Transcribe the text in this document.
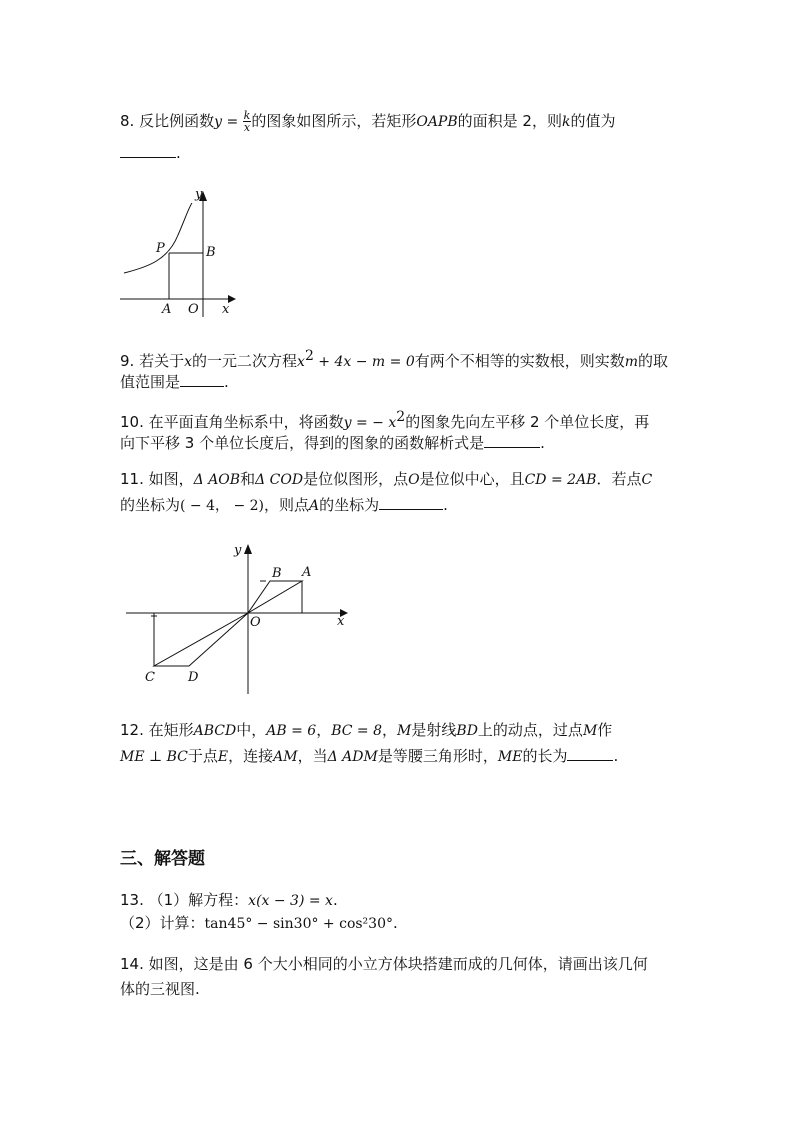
8. 反比例函数$y = \frac{k}{x}$ 的图象如图所示，若矩形OAPB的面积是 2，则k的值为
.
y
P	B
A O x
9. 若关于x的一元二次方程$x^2 + 4x - m = 0$有两个不相等的实数根，则实数m的取
值范围是	.
10. 在平面直角坐标系中，将函数y = − $x^2$的图象先向左平移 2 个单位长度，再
向下平移 3 个单位长度后，得到的图象的函数解析式是	.
11. 如图，Δ AOB和Δ COD是位似图形，点O是位似中心，且CD = 2AB．若点C
的坐标为( − 4， − 2)，则点A的坐标为	.
y
B A
O	x
C	D
12. 在矩形ABCD中，AB = 6，BC = 8，M是射线BD上的动点，过点M作
ME ⊥ BC于点E，连接AM，当Δ ADM是等腰三角形时，ME的长为	.
三、解答题
13. （1）解方程：x(x − 3) = x.
（2）计算：tan45° − sin30° + cos²30°.
14. 如图，这是由 6 个大小相同的小立方体块搭建而成的几何体，请画出该几何
体的三视图.
